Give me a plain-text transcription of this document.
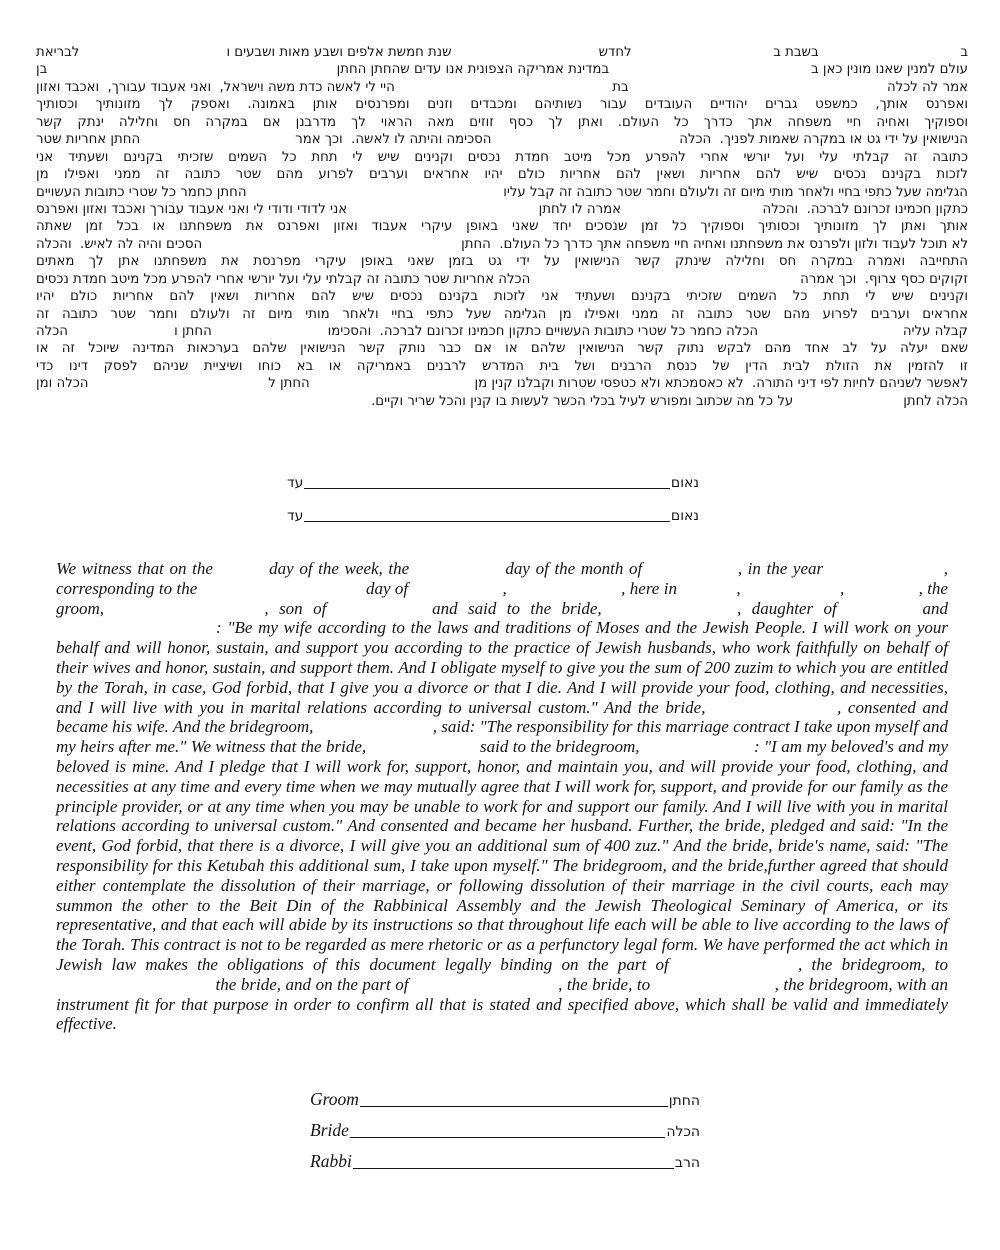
ב
בשבת ב
לחדש
שנת חמשת אלפים ושבע מאות ושבעים ו
לבריאת
עולם למנין שאנו מונין כאן ב
במדינת אמריקה הצפונית אנו עדים שהחתן החתן
בן
אמר לה לכלה
בת
היי לי לאשה כדת משה וישראל,  ואני אעבוד עבורך,  ואכבד ואזון
ואפרנס אותך, כמשפט גברים יהודיים העובדים עבור נשותיהם ומכבדים וזנים ומפרנסים אותן באמונה. ואספק לך מזונותיך וכסותיך
וספוקיך ואחיה חיי משפחה אתך כדרך כל העולם. ואתן לך כסף זוזים מאה הראוי לך מדרבנן אם במקרה חס וחלילה ינתק קשר
הנישואין על ידי גט או במקרה שאמות לפניך.  הכלה
הסכימה והיתה לו לאשה.  וכך אמר
החתן אחריות שטר
כתובה זה קבלתי עלי ועל יורשי אחרי להפרע מכל מיטב חמדת נכסים וקנינים שיש לי תחת כל השמים שזכיתי בקנינם ושעתיד אני
לזכות בקנינם נכסים שיש להם אחריות ושאין להם אחריות כולם יהיו אחראים וערבים לפרוע מהם שטר כתובה זה ממני ואפילו מן
הגלימה שעל כתפי בחיי ולאחר מותי מיום זה ולעולם וחמר שטר כתובה זה קבל עליו
החתן כחמר כל שטרי כתובות העשויים
כתקון חכמינו זכרונם לברכה.  והכלה
אמרה לו לחתן
אני לדודי ודודי לי ואני אעבוד עבורך ואכבד ואזון ואפרנס
אותך ואתן לך מזונותיך וכסותיך וספוקיך כל זמן שנסכים יחד שאני באופן עיקרי אעבוד ואזון ואפרנס את משפחתנו או בכל זמן שאתה
לא תוכל לעבוד ולזון ולפרנס את משפחתנו ואחיה חיי משפחה אתך כדרך כל העולם.  החתן
הסכים והיה לה לאיש.  והכלה
התחייבה ואמרה במקרה חס וחלילה שינתק קשר הנישואין על ידי גט בזמן שאני באופן עיקרי מפרנסת את משפחתנו אתן לך מאתים
זקוקים כסף צרוף.  וכך אמרה
הכלה אחריות שטר כתובה זה קבלתי עלי ועל יורשי אחרי להפרע מכל מיטב חמדת נכסים
וקנינים שיש לי תחת כל השמים שזכיתי בקנינם ושעתיד אני לזכות בקנינם נכסים שיש להם אחריות ושאין להם אחריות כולם יהיו
אחראים וערבים לפרוע מהם שטר כתובה זה ממני ואפילו מן הגלימה שעל כתפי בחיי ולאחר מותי מיום זה ולעולם וחמר שטר כתובה זה
קבלה עליה
הכלה כחמר כל שטרי כתובות העשויים כתקון חכמינו זכרונם לברכה.  והסכימו
החתן ו
הכלה
שאם יעלה על לב אחד מהם לבקש נתוק קשר הנישואין שלהם או אם כבר נותק קשר הנישואין שלהם בערכאות המדינה שיוכל זה או
זו להזמין את הזולת לבית הדין של כנסת הרבנים ושל בית המדרש לרבנים באמריקה או בא כוחו ושיציית שניהם לפסק דינו כדי
לאפשר לשניהם לחיות לפי דיני התורה.  לא כאסמכתא ולא כטפסי שטרות וקבלנו קנין מן
החתן ל
הכלה ומן
הכלה לחתן
על כל מה שכתוב ומפורש לעיל בכלי הכשר לעשות בו קנין והכל שריר וקיים.
נאום
עד
נאום
עד
We witness that on the	day of the week, the	day of the month of	, in the year	, corresponding to the	day of	,	, here in	,	,	, the groom,	, son of	and said to the bride,	, daughter of	and : "Be my wife according to the laws and traditions of Moses and the Jewish People. I will work on your behalf and will honor, sustain, and support you according to the practice of Jewish husbands, who work faithfully on behalf of their wives and honor, sustain, and support them. And I obligate myself to give you the sum of 200 zuzim to which you are entitled by the Torah, in case, God forbid, that I give you a divorce or that I die. And I will provide your food, clothing, and necessities, and I will live with you in marital relations according to universal custom." And the bride,	, consented and became his wife. And the bridegroom,	, said: "The responsibility for this marriage contract I take upon myself and my heirs after me." We witness that the bride,	said to the bridegroom,	: "I am my beloved's and my beloved is mine. And I pledge that I will work for, support, honor, and maintain you, and will provide your food, clothing, and necessities at any time and every time when we may mutually agree that I will work for, support, and provide for our family as the principle provider, or at any time when you may be unable to work for and support our family. And I will live with you in marital relations according to universal custom." And consented and became her husband. Further, the bride, pledged and said: "In the event, God forbid, that there is a divorce, I will give you an additional sum of 400 zuz." And the bride, bride's name, said: "The responsibility for this Ketubah this additional sum, I take upon myself." The bridegroom, and the bride,further agreed that should either contemplate the dissolution of their marriage, or following dissolution of their marriage in the civil courts, each may summon the other to the Beit Din of the Rabbinical Assembly and the Jewish Theological Seminary of America, or its representative, and that each will abide by its instructions so that throughout life each will be able to live according to the laws of the Torah. This contract is not to be regarded as mere rhetoric or as a perfunctory legal form. We have performed the act which in Jewish law makes the obligations of this document legally binding on the part of	, the bridegroom, to  the bride, and on the part of	, the bride, to	, the bridegroom, with an instrument fit for that purpose in order to confirm all that is stated and specified above, which shall be valid and immediately effective.
Groom	החתן
Bride	הכלה
Rabbi	הרב
